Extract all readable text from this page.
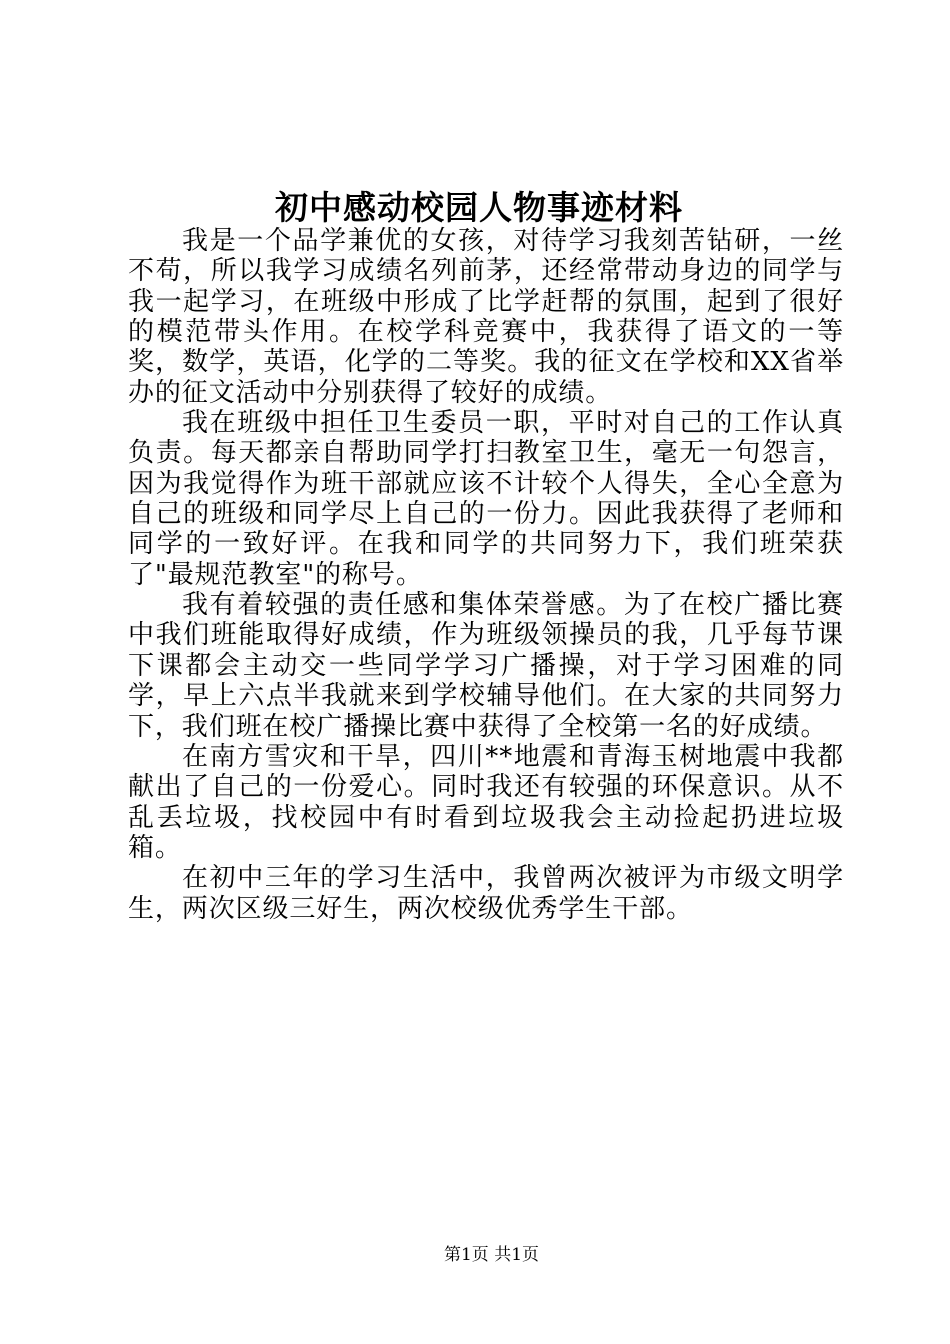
初中感动校园人物事迹材料

我是一个品学兼优的女孩，对待学习我刻苦钻研，一丝不苟，所以我学习成绩名列前茅，还经常带动身边的同学与我一起学习，在班级中形成了比学赶帮的氛围，起到了很好的模范带头作用。在校学科竞赛中，我获得了语文的一等奖，数学，英语，化学的二等奖。我的征文在学校和XX省举办的征文活动中分别获得了较好的成绩。

我在班级中担任卫生委员一职，平时对自己的工作认真负责。每天都亲自帮助同学打扫教室卫生，毫无一句怨言，因为我觉得作为班干部就应该不计较个人得失，全心全意为自己的班级和同学尽上自己的一份力。因此我获得了老师和同学的一致好评。在我和同学的共同努力下，我们班荣获了"最规范教室"的称号。

我有着较强的责任感和集体荣誉感。为了在校广播比赛中我们班能取得好成绩，作为班级领操员的我，几乎每节课下课都会主动交一些同学学习广播操，对于学习困难的同学，早上六点半我就来到学校辅导他们。在大家的共同努力下，我们班在校广播操比赛中获得了全校第一名的好成绩。

在南方雪灾和干旱，四川**地震和青海玉树地震中我都献出了自己的一份爱心。同时我还有较强的环保意识。从不乱丢垃圾，找校园中有时看到垃圾我会主动捡起扔进垃圾箱。

在初中三年的学习生活中，我曾两次被评为市级文明学生，两次区级三好生，两次校级优秀学生干部。

第1页 共1页
